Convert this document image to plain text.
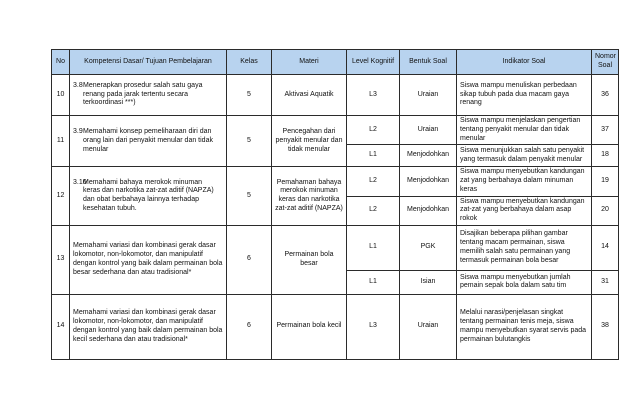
No	Kompetensi Dasar/ Tujuan Pembelajaran	Kelas	Materi	Level Kognitif	Bentuk Soal	Indikator Soal	Nomor Soal
10	3.8Menerapkan prosedur salah satu gaya renang pada jarak tertentu secara terkoordinasi ***)	5	Aktivasi Aquatik	L3	Uraian	Siswa mampu menuliskan perbedaan sikap tubuh pada dua macam gaya renang	36
11	3.9Memahami konsep pemeliharaan diri dan orang lain dari penyakit menular dan tidak menular	5	Pencegahan dari penyakit menular dan tidak menular	L2	Uraian	Siswa mampu menjelaskan pengertian tentang penyakit menular dan tidak menular	37
				L1	Menjodohkan	Siswa menunjukkan salah satu penyakit yang termasuk dalam penyakit menular	18
12	3.10Memahami bahaya merokok minuman keras dan narkotika zat-zat aditif (NAPZA) dan obat berbahaya lainnya terhadap kesehatan tubuh.	5	Pemahaman bahaya merokok minuman keras dan narkotika zat-zat aditif (NAPZA)	L2	Menjodohkan	Siswa mampu menyebutkan kandungan zat yang berbahaya dalam minuman keras	19
				L2	Menjodohkan	Siswa mampu menyebutkan kandungan zat-zat yang berbahaya dalam asap rokok	20
13	Memahami variasi dan kombinasi gerak dasar lokomotor, non-lokomotor, dan manipulatif dengan kontrol yang baik dalam permainan bola besar sederhana dan atau tradisional*	6	Permainan bola besar	L1	PGK	Disajikan beberapa pilihan gambar tentang macam permainan, siswa memilih salah satu permainan yang termasuk permainan bola besar	14
				L1	Isian	Siswa mampu menyebutkan jumlah pemain sepak bola dalam satu tim	31
14	Memahami variasi dan kombinasi gerak dasar lokomotor, non-lokomotor, dan manipulatif dengan kontrol yang baik dalam permainan bola kecil sederhana dan atau tradisional*	6	Permainan bola kecil	L3	Uraian	Melalui narasi/penjelasan singkat tentang permainan tenis meja, siswa mampu menyebutkan syarat servis pada permainan bulutangkis	38
